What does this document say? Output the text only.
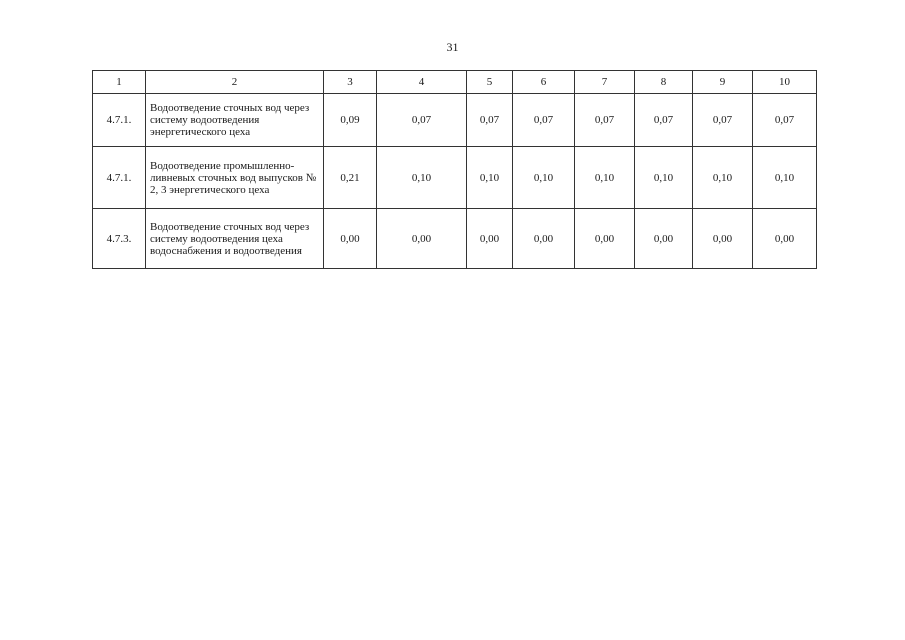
31
1	2	3	4	5	6	7	8	9	10
4.7.1.	Водоотведение сточных вод через систему водоотведения энергетического цеха	0,09	0,07	0,07	0,07	0,07	0,07	0,07	0,07
4.7.1.	Водоотведение промышленно-ливневых сточных вод выпусков № 2, 3 энергетического цеха	0,21	0,10	0,10	0,10	0,10	0,10	0,10	0,10
4.7.3.	Водоотведение сточных вод через систему водоотведения цеха водоснабжения и водоотведения	0,00	0,00	0,00	0,00	0,00	0,00	0,00	0,00
